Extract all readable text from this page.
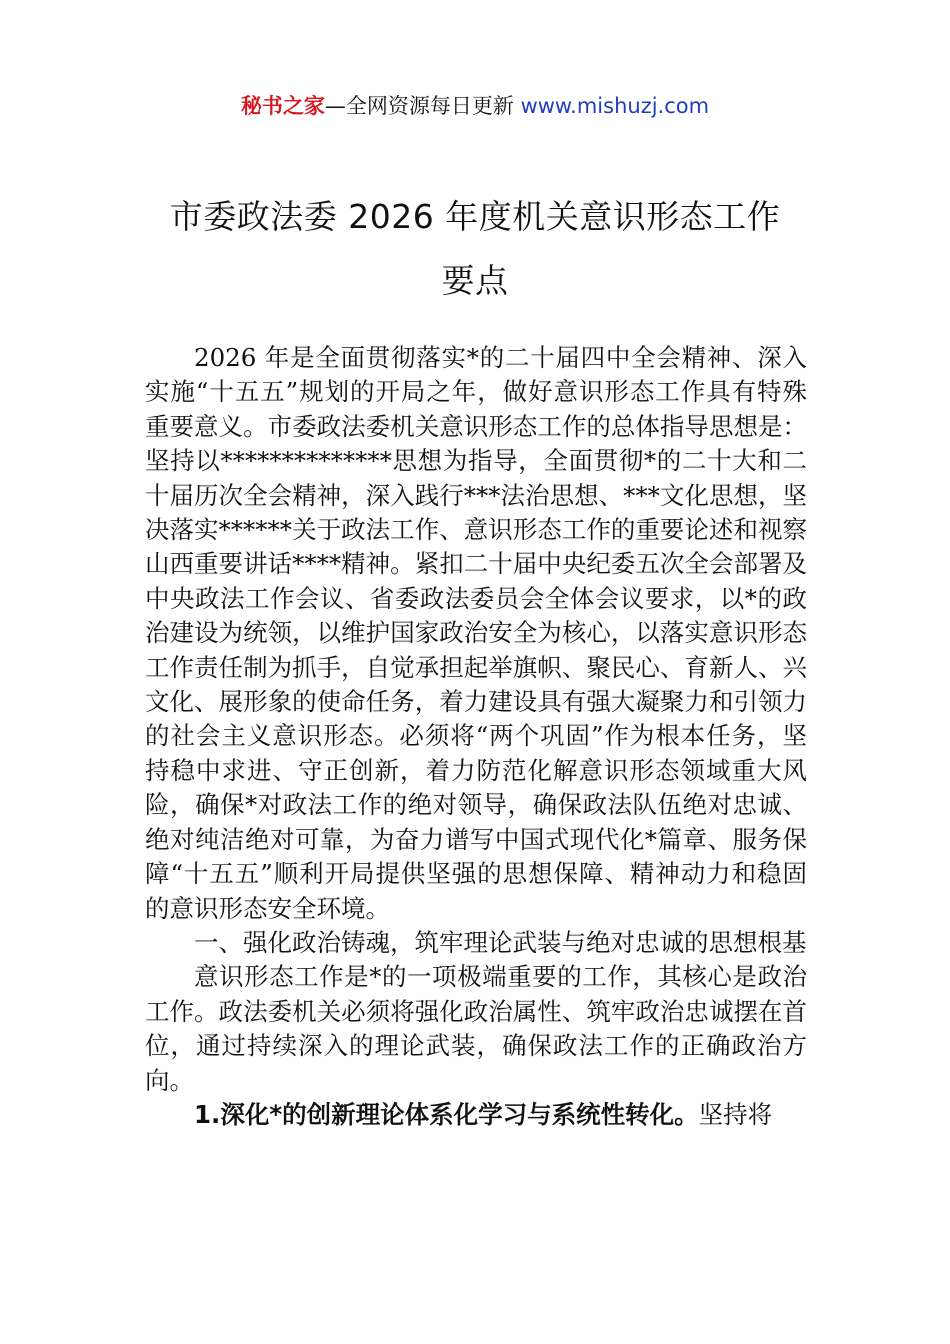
秘书之家—全网资源每日更新 www.mishuzj.com
市委政法委 2026 年度机关意识形态工作
要点

2026 年是全面贯彻落实*的二十届四中全会精神、深入实施“十五五”规划的开局之年，做好意识形态工作具有特殊重要意义。市委政法委机关意识形态工作的总体指导思想是：坚持以**************思想为指导，全面贯彻*的二十大和二十届历次全会精神，深入践行***法治思想、***文化思想，坚决落实******关于政法工作、意识形态工作的重要论述和视察山西重要讲话****精神。紧扣二十届中央纪委五次全会部署及中央政法工作会议、省委政法委员会全体会议要求，以*的政治建设为统领，以维护国家政治安全为核心，以落实意识形态工作责任制为抓手，自觉承担起举旗帜、聚民心、育新人、兴文化、展形象的使命任务，着力建设具有强大凝聚力和引领力的社会主义意识形态。必须将“两个巩固”作为根本任务，坚持稳中求进、守正创新，着力防范化解意识形态领域重大风险，确保*对政法工作的绝对领导，确保政法队伍绝对忠诚、绝对纯洁绝对可靠，为奋力谱写中国式现代化*篇章、服务保障“十五五”顺利开局提供坚强的思想保障、精神动力和稳固的意识形态安全环境。

一、强化政治铸魂，筑牢理论武装与绝对忠诚的思想根基

意识形态工作是*的一项极端重要的工作，其核心是政治工作。政法委机关必须将强化政治属性、筑牢政治忠诚摆在首位，通过持续深入的理论武装，确保政法工作的正确政治方向。

1.深化*的创新理论体系化学习与系统性转化。坚持将
